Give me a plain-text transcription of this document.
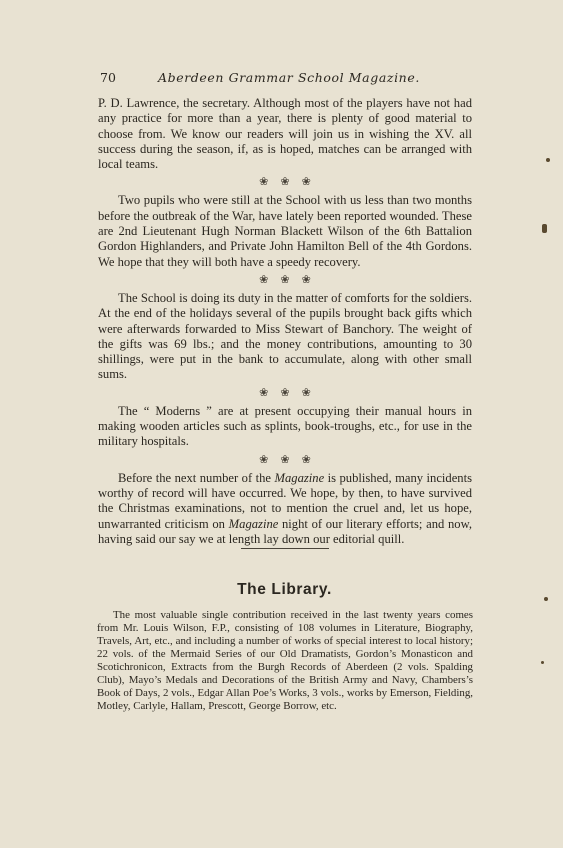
70	Aberdeen Grammar School Magazine.

P. D. Lawrence, the secretary. Although most of the players have not had any practice for more than a year, there is plenty of good material to choose from. We know our readers will join us in wishing the XV. all success during the season, if, as is hoped, matches can be arranged with local teams.

❀❀❀

Two pupils who were still at the School with us less than two months before the outbreak of the War, have lately been reported wounded. These are 2nd Lieutenant Hugh Norman Blackett Wilson of the 6th Battalion Gordon Highlanders, and Private John Hamilton Bell of the 4th Gordons. We hope that they will both have a speedy recovery.

❀❀❀

The School is doing its duty in the matter of comforts for the soldiers. At the end of the holidays several of the pupils brought back gifts which were afterwards forwarded to Miss Stewart of Banchory. The weight of the gifts was 69 lbs.; and the money contributions, amounting to 30 shillings, were put in the bank to accumulate, along with other small sums.

❀❀❀

The “ Moderns ” are at present occupying their manual hours in making wooden articles such as splints, book-troughs, etc., for use in the military hospitals.

❀❀❀

Before the next number of the Magazine is published, many incidents worthy of record will have occurred. We hope, by then, to have survived the Christmas examinations, not to mention the cruel and, let us hope, unwarranted criticism on Magazine night of our literary efforts; and now, having said our say we at length lay down our editorial quill.

The Library.

The most valuable single contribution received in the last twenty years comes from Mr. Louis Wilson, F.P., consisting of 108 volumes in Literature, Biography, Travels, Art, etc., and including a number of works of special interest to local history; 22 vols. of the Mermaid Series of our Old Dramatists, Gordon’s Monasticon and Scotichronicon, Extracts from the Burgh Records of Aberdeen (2 vols. Spalding Club), Mayo’s Medals and Decorations of the British Army and Navy, Chambers’s Book of Days, 2 vols., Edgar Allan Poe’s Works, 3 vols., works by Emerson, Fielding, Motley, Carlyle, Hallam, Prescott, George Borrow, etc.
